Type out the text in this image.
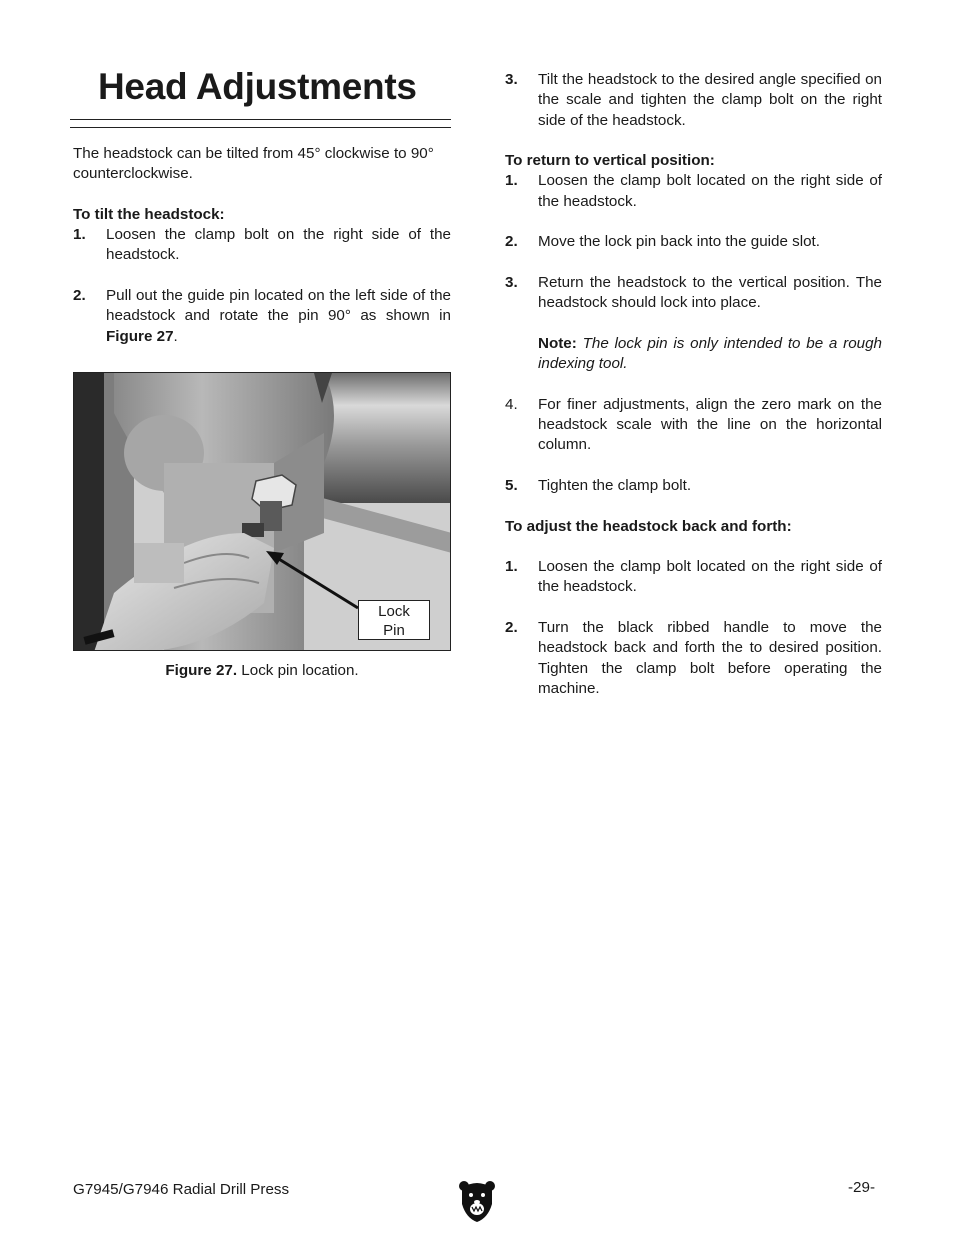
Head Adjustments

The headstock can be tilted from 45° clockwise to 90° counterclockwise.

To tilt the headstock:

1.	Loosen the clamp bolt on the right side of the headstock.
2.	Pull out the guide pin located on the left side of the headstock and rotate the pin 90° as shown in Figure 27.
Lock
Pin
Figure 27. Lock pin location.
3.	Tilt the headstock to the desired angle specified on the scale and tighten the clamp bolt on the right side of the headstock.

To return to vertical position:

1.	Loosen the clamp bolt located on the right side of the headstock.
2.	Move the lock pin back into the guide slot.
3.	Return the headstock to the vertical position. The headstock should lock into place.
Note: The lock pin is only intended to be a rough indexing tool.
4.	For finer adjustments, align the zero mark on the headstock scale with the line on the horizontal column.
5.	Tighten the clamp bolt.

To adjust the headstock back and forth:

1.	Loosen the clamp bolt located on the right side of the headstock.
2.	Turn the black ribbed handle to move the headstock back and forth the to desired position. Tighten the clamp bolt before operating the machine.
G7945/G7946 Radial Drill Press	-29-
